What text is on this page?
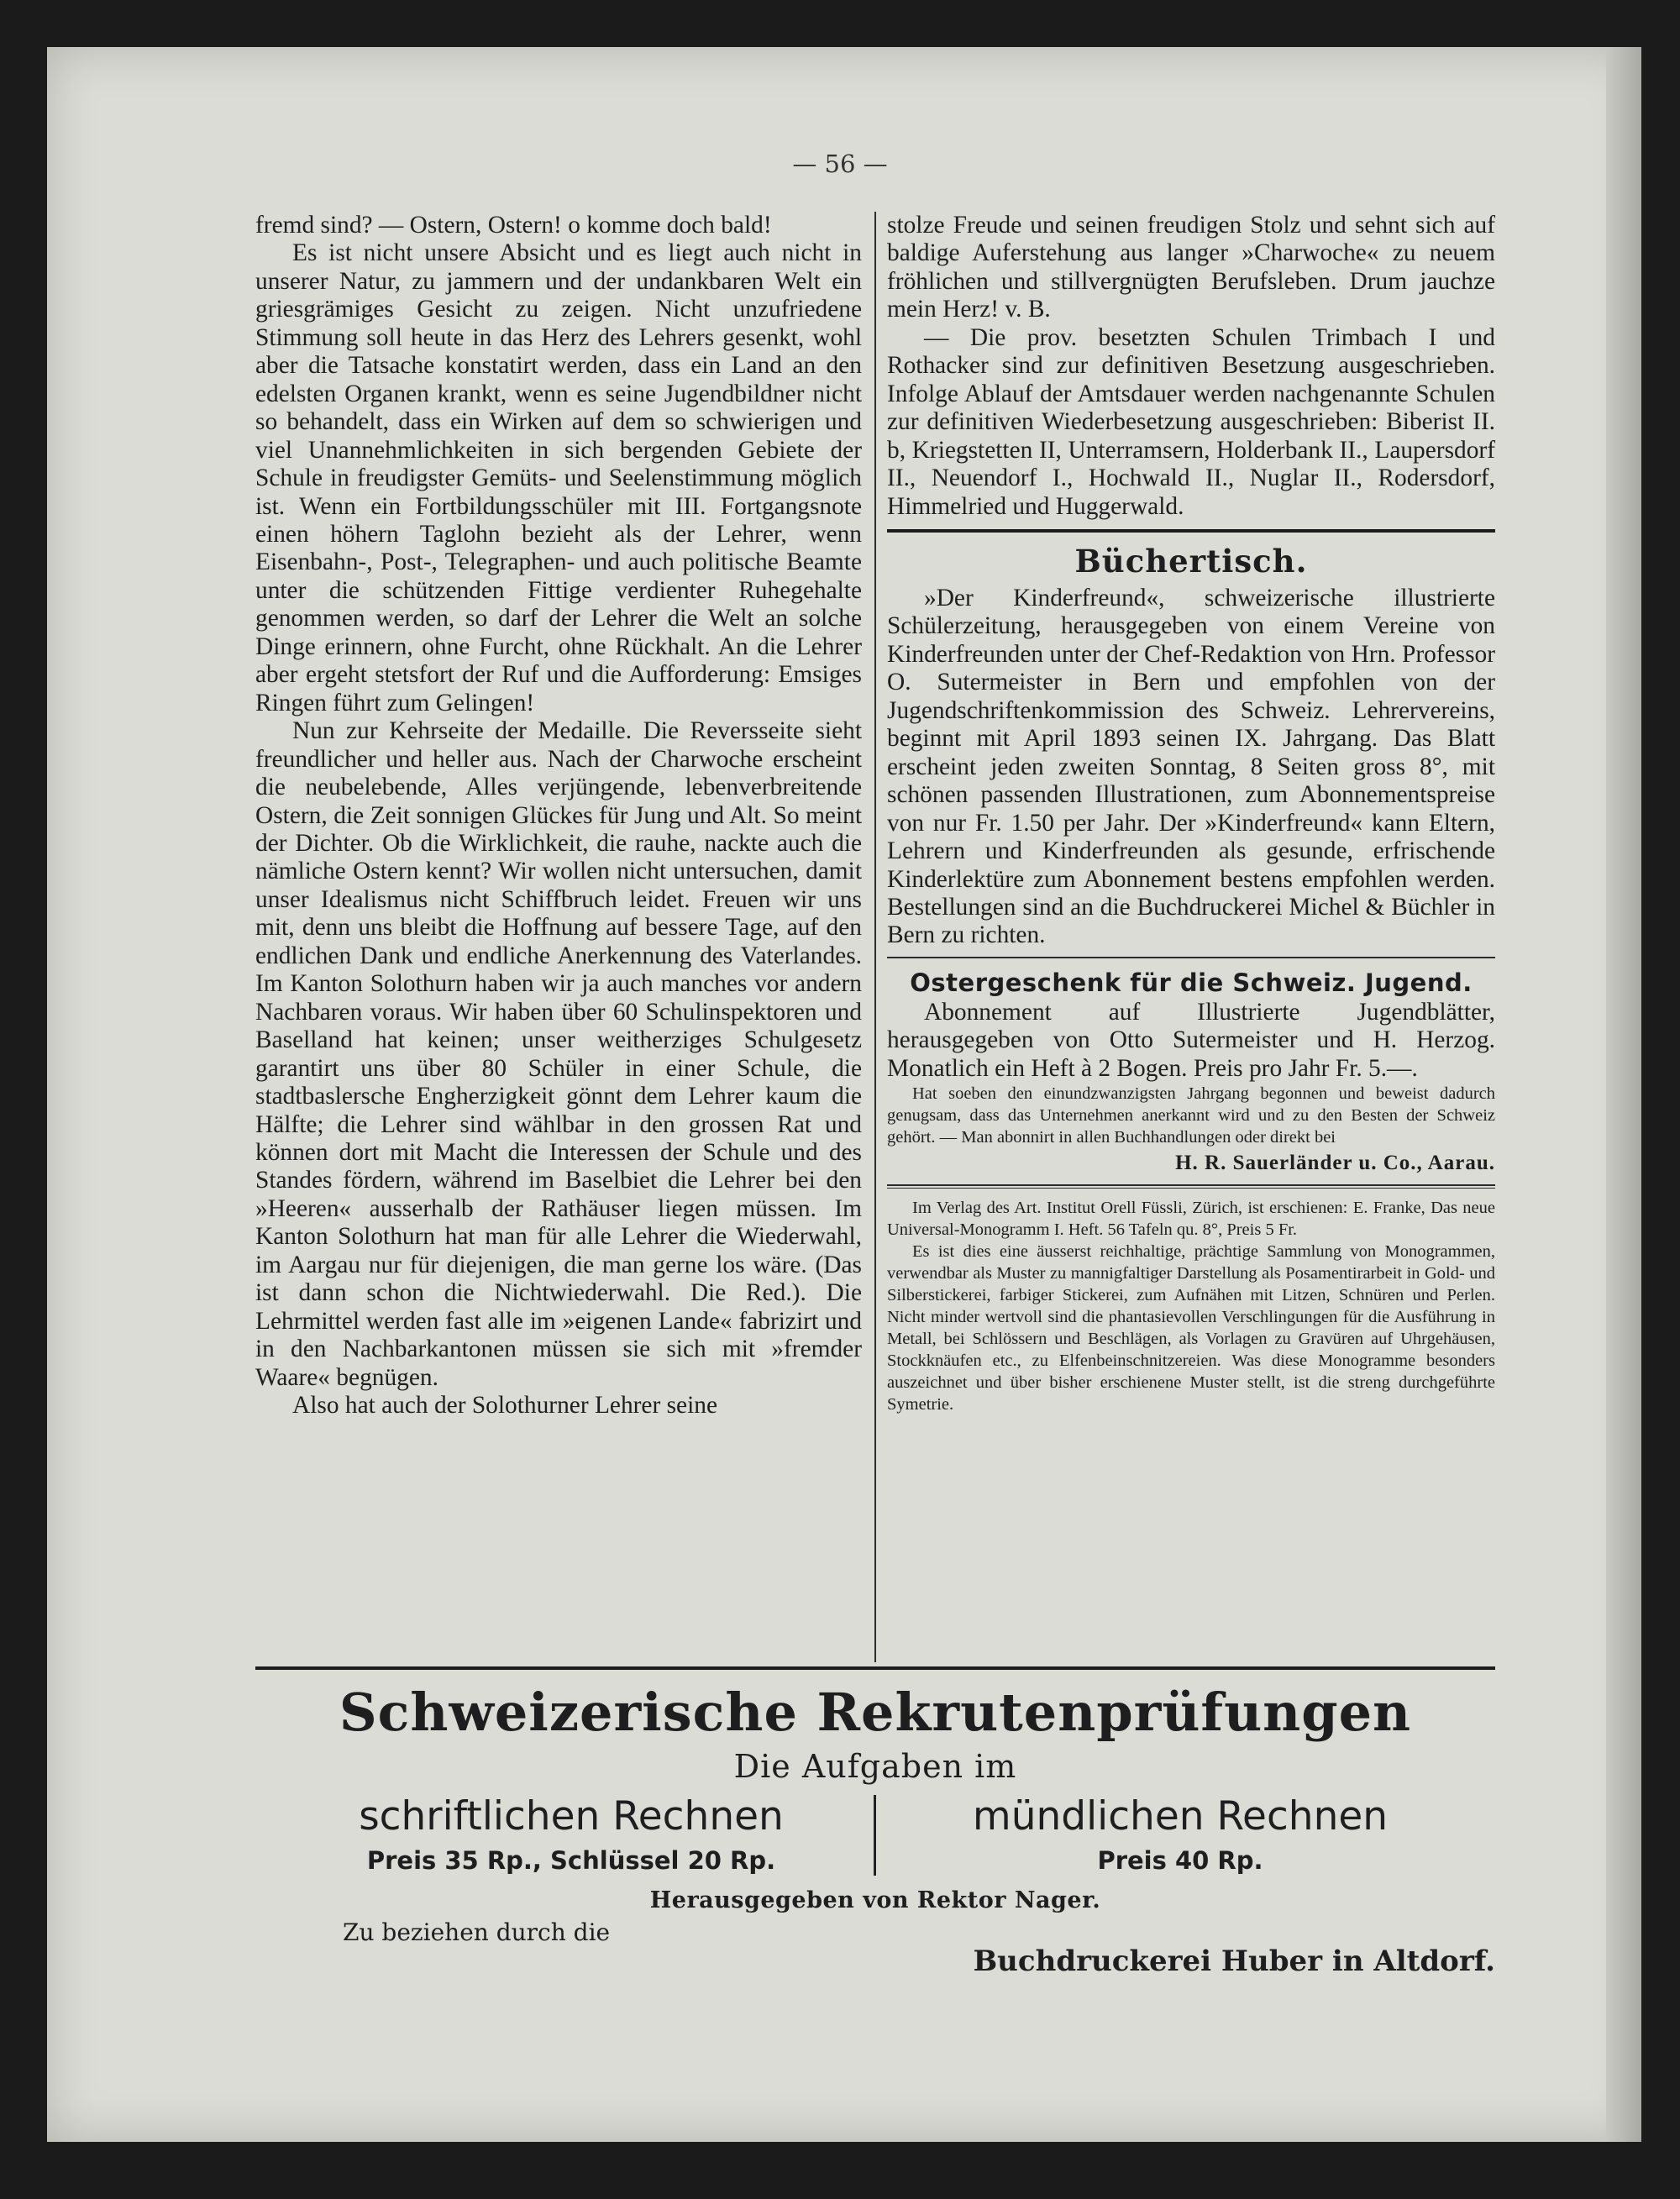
— 56 —

fremd sind? — Ostern, Ostern! o komme doch bald!

Es ist nicht unsere Absicht und es liegt auch nicht in unserer Natur, zu jammern und der undankbaren Welt ein griesgrämiges Gesicht zu zeigen. Nicht unzufriedene Stimmung soll heute in das Herz des Lehrers gesenkt, wohl aber die Tatsache konstatirt werden, dass ein Land an den edelsten Organen krankt, wenn es seine Jugendbildner nicht so behandelt, dass ein Wirken auf dem so schwierigen und viel Unannehmlichkeiten in sich bergenden Gebiete der Schule in freudigster Gemüts- und Seelenstimmung möglich ist. Wenn ein Fortbildungsschüler mit III. Fortgangsnote einen höhern Taglohn bezieht als der Lehrer, wenn Eisenbahn-, Post-, Telegraphen- und auch politische Beamte unter die schützenden Fittige verdienter Ruhegehalte genommen werden, so darf der Lehrer die Welt an solche Dinge erinnern, ohne Furcht, ohne Rückhalt. An die Lehrer aber ergeht stetsfort der Ruf und die Aufforderung: Emsiges Ringen führt zum Gelingen!

Nun zur Kehrseite der Medaille. Die Reversseite sieht freundlicher und heller aus. Nach der Charwoche erscheint die neubelebende, Alles verjüngende, lebenverbreitende Ostern, die Zeit sonnigen Glückes für Jung und Alt. So meint der Dichter. Ob die Wirklichkeit, die rauhe, nackte auch die nämliche Ostern kennt? Wir wollen nicht untersuchen, damit unser Idealismus nicht Schiffbruch leidet. Freuen wir uns mit, denn uns bleibt die Hoffnung auf bessere Tage, auf den endlichen Dank und endliche Anerkennung des Vaterlandes. Im Kanton Solothurn haben wir ja auch manches vor andern Nachbaren voraus. Wir haben über 60 Schulinspektoren und Baselland hat keinen; unser weitherziges Schulgesetz garantirt uns über 80 Schüler in einer Schule, die stadtbaslersche Engherzigkeit gönnt dem Lehrer kaum die Hälfte; die Lehrer sind wählbar in den grossen Rat und können dort mit Macht die Interessen der Schule und des Standes fördern, während im Baselbiet die Lehrer bei den »Heeren« ausserhalb der Rathäuser liegen müssen. Im Kanton Solothurn hat man für alle Lehrer die Wiederwahl, im Aargau nur für diejenigen, die man gerne los wäre. (Das ist dann schon die Nichtwiederwahl. Die Red.). Die Lehrmittel werden fast alle im »eigenen Lande« fabrizirt und in den Nachbarkantonen müssen sie sich mit »fremder Waare« begnügen.

Also hat auch der Solothurner Lehrer seine

stolze Freude und seinen freudigen Stolz und sehnt sich auf baldige Auferstehung aus langer »Charwoche« zu neuem fröhlichen und stillvergnügten Berufsleben. Drum jauchze mein Herz! v. B.

— Die prov. besetzten Schulen Trimbach I und Rothacker sind zur definitiven Besetzung ausgeschrieben. Infolge Ablauf der Amtsdauer werden nachgenannte Schulen zur definitiven Wiederbesetzung ausgeschrieben: Biberist II. b, Kriegstetten II, Unterramsern, Holderbank II., Laupersdorf II., Neuendorf I., Hochwald II., Nuglar II., Rodersdorf, Himmelried und Huggerwald.

Büchertisch.

»Der Kinderfreund«, schweizerische illustrierte Schülerzeitung, herausgegeben von einem Vereine von Kinderfreunden unter der Chef-Redaktion von Hrn. Professor O. Sutermeister in Bern und empfohlen von der Jugendschriftenkommission des Schweiz. Lehrervereins, beginnt mit April 1893 seinen IX. Jahrgang. Das Blatt erscheint jeden zweiten Sonntag, 8 Seiten gross 8°, mit schönen passenden Illustrationen, zum Abonnementspreise von nur Fr. 1.50 per Jahr. Der »Kinderfreund« kann Eltern, Lehrern und Kinderfreunden als gesunde, erfrischende Kinderlektüre zum Abonnement bestens empfohlen werden. Bestellungen sind an die Buchdruckerei Michel & Büchler in Bern zu richten.

Ostergeschenk für die Schweiz. Jugend.

Abonnement auf Illustrierte Jugendblätter, herausgegeben von Otto Sutermeister und H. Herzog. Monatlich ein Heft à 2 Bogen. Preis pro Jahr Fr. 5.—.

Hat soeben den einundzwanzigsten Jahrgang begonnen und beweist dadurch genugsam, dass das Unternehmen anerkannt wird und zu den Besten der Schweiz gehört. — Man abonnirt in allen Buchhandlungen oder direkt bei

H. R. Sauerländer u. Co., Aarau.

Im Verlag des Art. Institut Orell Füssli, Zürich, ist erschienen: E. Franke, Das neue Universal-Monogramm I. Heft. 56 Tafeln qu. 8°, Preis 5 Fr.

Es ist dies eine äusserst reichhaltige, prächtige Sammlung von Monogrammen, verwendbar als Muster zu mannigfaltiger Darstellung als Posamentirarbeit in Gold- und Silberstickerei, farbiger Stickerei, zum Aufnähen mit Litzen, Schnüren und Perlen. Nicht minder wertvoll sind die phantasievollen Verschlingungen für die Ausführung in Metall, bei Schlössern und Beschlägen, als Vorlagen zu Gravüren auf Uhrgehäusen, Stockknäufen etc., zu Elfenbeinschnitzereien. Was diese Monogramme besonders auszeichnet und über bisher erschienene Muster stellt, ist die streng durchgeführte Symetrie.

Schweizerische Rekrutenprüfungen
Die Aufgaben im
schriftlichen Rechnen
Preis 35 Rp., Schlüssel 20 Rp.
mündlichen Rechnen
Preis 40 Rp.
Herausgegeben von Rektor Nager.
Zu beziehen durch die
Buchdruckerei Huber in Altdorf.
